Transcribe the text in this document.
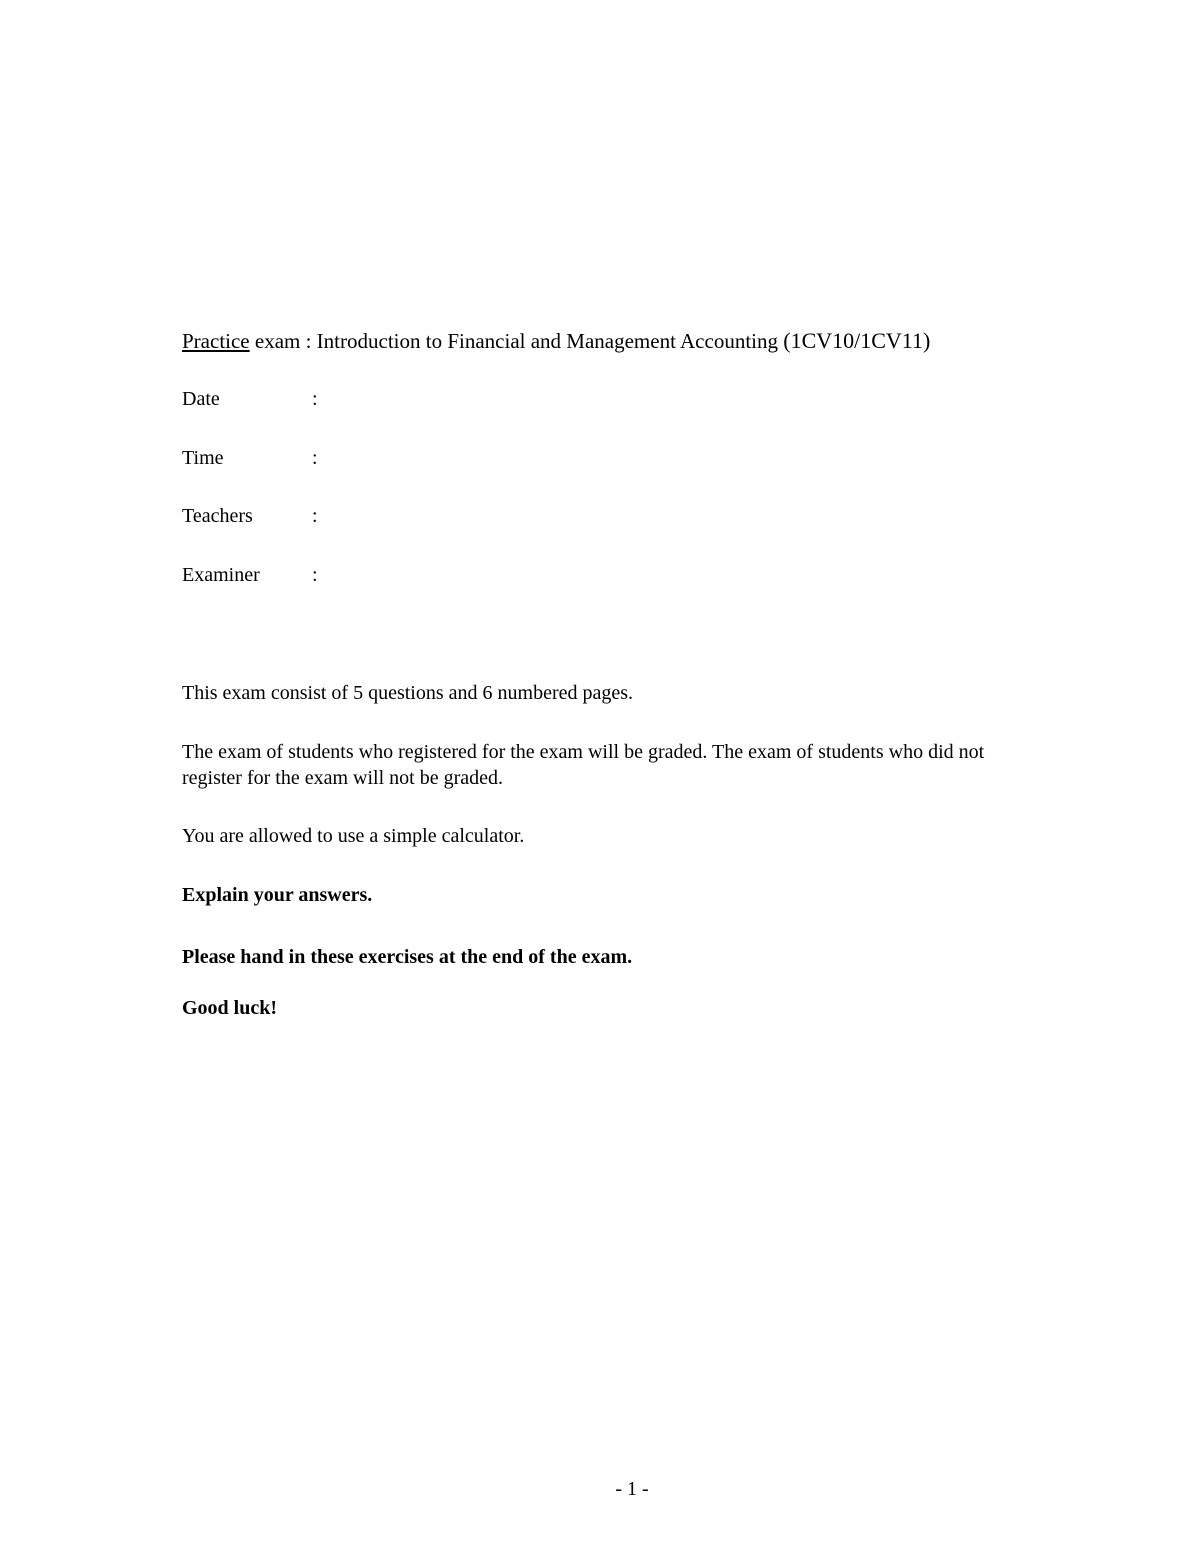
Practice exam : Introduction to Financial and Management Accounting (1CV10/1CV11)
Date	:
Time	:
Teachers	:
Examiner	:
This exam consist of 5 questions and 6 numbered pages.
The exam of students who registered for the exam will be graded. The exam of students who did not register for the exam will not be graded.
You are allowed to use a simple calculator.
Explain your answers.
Please hand in these exercises at the end of the exam.
Good luck!
- 1 -
